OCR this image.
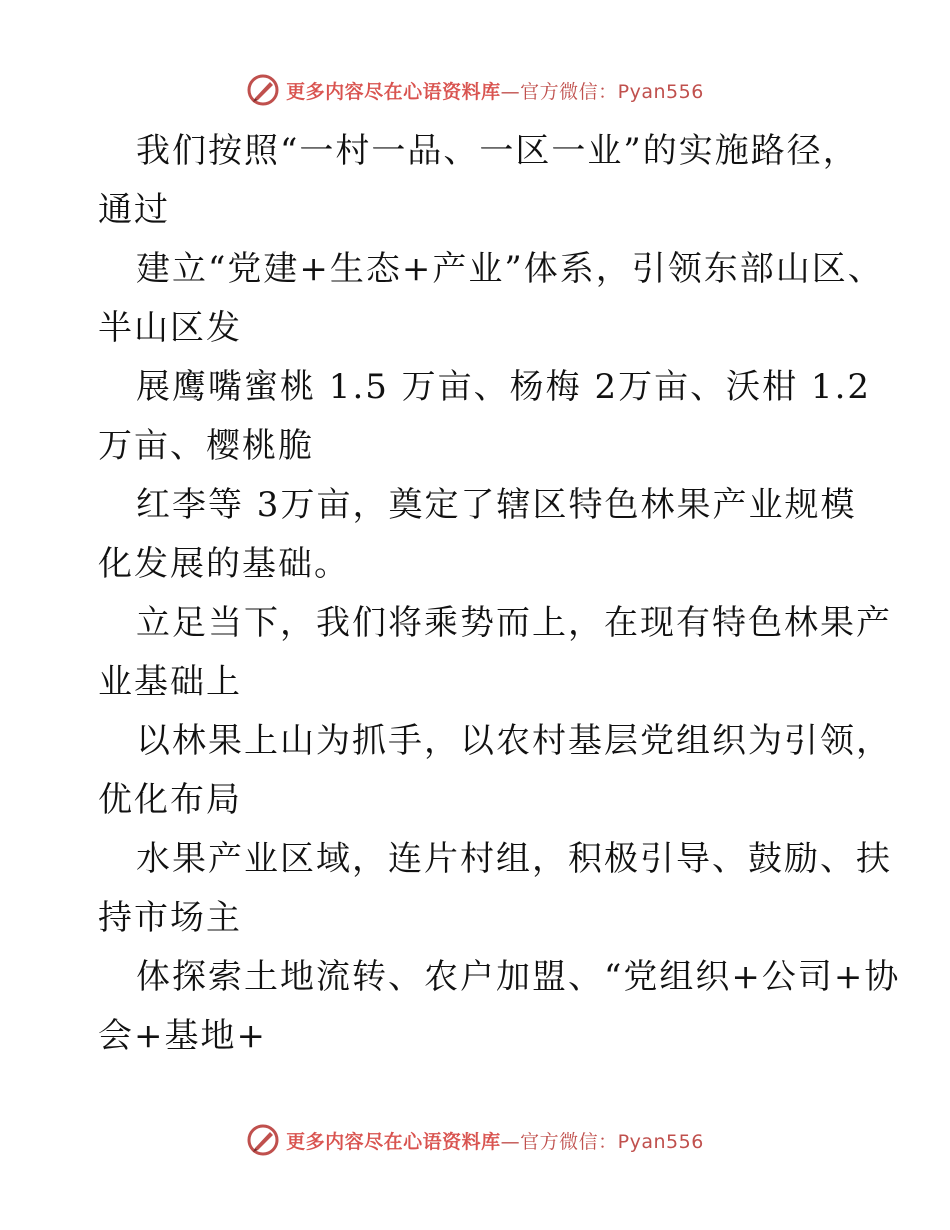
更多内容尽在心语资料库—官方微信：Pyan556
我们按照“一村一品、一区一业”的实施路径，
通过
建立“党建+生态+产业”体系，引领东部山区、
半山区发
展鹰嘴蜜桃 1.5 万亩、杨梅 2万亩、沃柑 1.2
万亩、樱桃脆
红李等 3万亩，奠定了辖区特色林果产业规模
化发展的基础。
立足当下，我们将乘势而上，在现有特色林果产
业基础上
以林果上山为抓手，以农村基层党组织为引领，
优化布局
水果产业区域，连片村组，积极引导、鼓励、扶
持市场主
体探索土地流转、农户加盟、“党组织+公司+协
会+基地+
更多内容尽在心语资料库—官方微信：Pyan556
